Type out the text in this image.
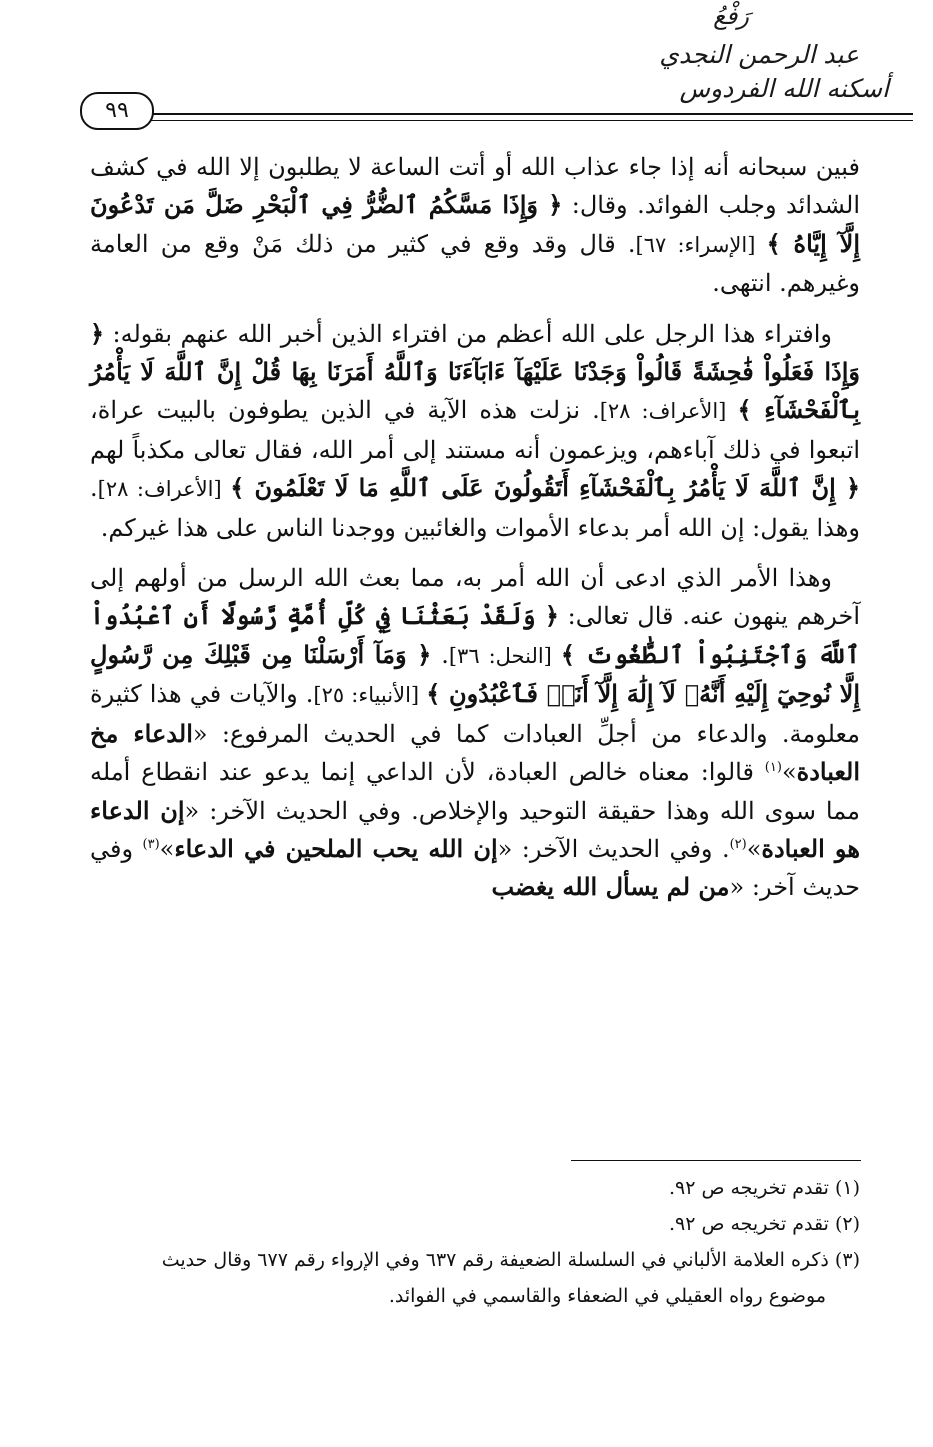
رَفْعُ
عبد الرحمن النجدي
أسكنه الله الفردوس
٩٩

فبين سبحانه أنه إذا جاء عذاب الله أو أتت الساعة لا يطلبون إلا الله في كشف الشدائد وجلب الفوائد. وقال: ﴿ وَإِذَا مَسَّكُمُ ٱلضُّرُّ فِي ٱلْبَحْرِ ضَلَّ مَن تَدْعُونَ إِلَّآ إِيَّاهُ ﴾ [الإسراء: ٦٧]. قال وقد وقع في كثير من ذلك مَنْ وقع من العامة وغيرهم. انتهى.

وافتراء هذا الرجل على الله أعظم من افتراء الذين أخبر الله عنهم بقوله: ﴿ وَإِذَا فَعَلُواْ فَٰحِشَةً قَالُواْ وَجَدْنَا عَلَيْهَآ ءَابَآءَنَا وَٱللَّهُ أَمَرَنَا بِهَا قُلْ إِنَّ ٱللَّهَ لَا يَأْمُرُ بِٱلْفَحْشَآءِ ﴾ [الأعراف: ٢٨]. نزلت هذه الآية في الذين يطوفون بالبيت عراة، اتبعوا في ذلك آباءهم، ويزعمون أنه مستند إلى أمر الله، فقال تعالى مكذباً لهم ﴿ إِنَّ ٱللَّهَ لَا يَأْمُرُ بِٱلْفَحْشَآءِ أَتَقُولُونَ عَلَى ٱللَّهِ مَا لَا تَعْلَمُونَ ﴾ [الأعراف: ٢٨]. وهذا يقول: إن الله أمر بدعاء الأموات والغائبين ووجدنا الناس على هذا غيركم.

وهذا الأمر الذي ادعى أن الله أمر به، مما بعث الله الرسل من أولهم إلى آخرهم ينهون عنه. قال تعالى: ﴿ وَلَقَدْ بَعَثْنَا فِي كُلِّ أُمَّةٍ رَّسُولًا أَنِ ٱعْبُدُواْ ٱللَّهَ وَٱجْتَنِبُواْ ٱلطَّٰغُوتَ ﴾ [النحل: ٣٦]. ﴿ وَمَآ أَرْسَلْنَا مِن قَبْلِكَ مِن رَّسُولٍ إِلَّا نُوحِيٓ إِلَيْهِ أَنَّهُۥ لَآ إِلَٰهَ إِلَّآ أَنَا۠ فَٱعْبُدُونِ ﴾ [الأنبياء: ٢٥]. والآيات في هذا كثيرة معلومة. والدعاء من أجلِّ العبادات كما في الحديث المرفوع: «الدعاء مخ العبادة»$^{(١)}$ قالوا: معناه خالص العبادة، لأن الداعي إنما يدعو عند انقطاع أمله مما سوى الله وهذا حقيقة التوحيد والإخلاص. وفي الحديث الآخر: «إن الدعاء هو العبادة»$^{(٢)}$. وفي الحديث الآخر: «إن الله يحب الملحين في الدعاء»$^{(٣)}$ وفي حديث آخر: «من لم يسأل الله يغضب

(١) تقدم تخريجه ص ٩٢.

(٢) تقدم تخريجه ص ٩٢.

(٣) ذكره العلامة الألباني في السلسلة الضعيفة رقم ٦٣٧ وفي الإرواء رقم ٦٧٧ وقال حديث

موضوع رواه العقيلي في الضعفاء والقاسمي في الفوائد.
